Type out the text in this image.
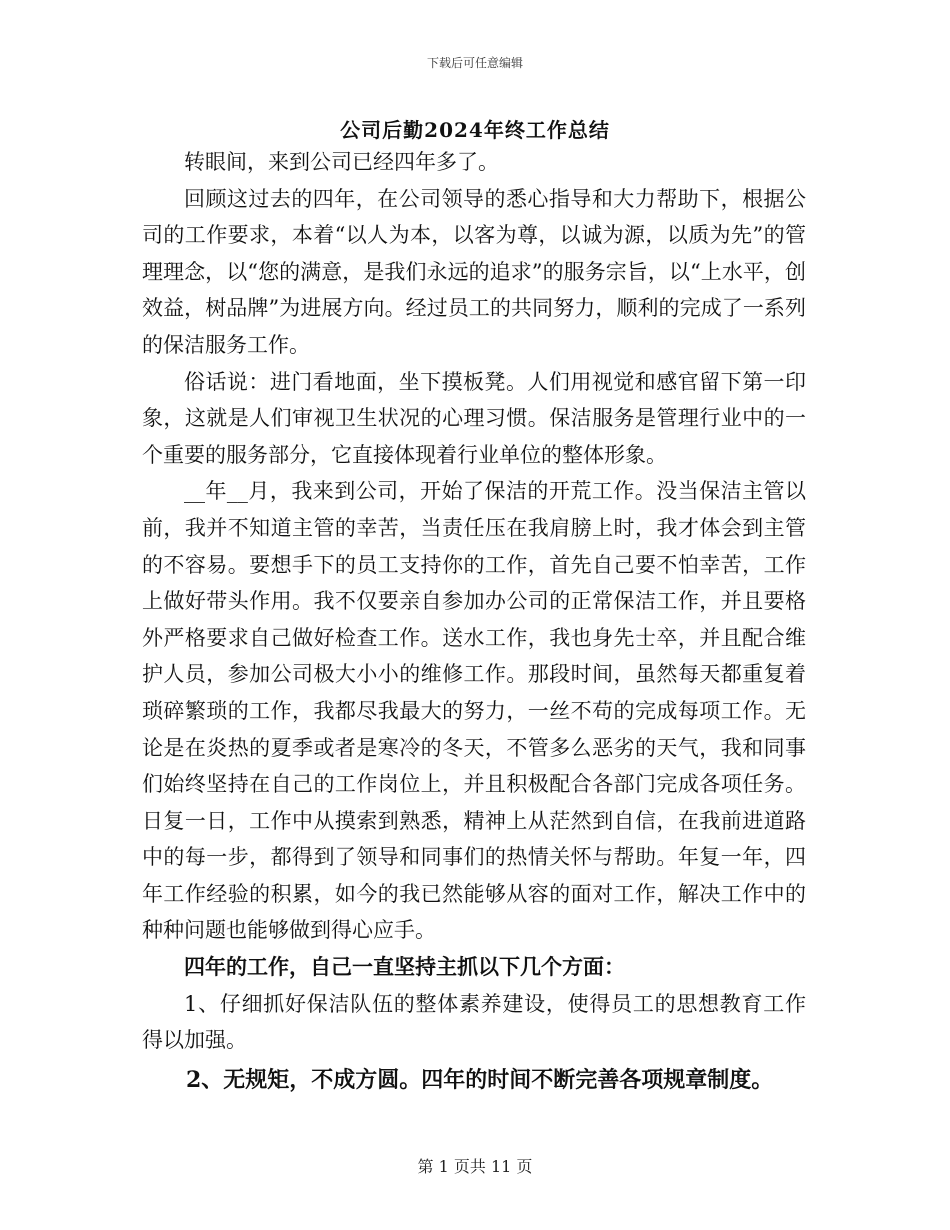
下载后可任意编辑
公司后勤2024年终工作总结

转眼间，来到公司已经四年多了。

回顾这过去的四年，在公司领导的悉心指导和大力帮助下，根据公司的工作要求，本着“以人为本，以客为尊，以诚为源，以质为先”的管理理念，以“您的满意，是我们永远的追求”的服务宗旨，以“上水平，创效益，树品牌”为进展方向。经过员工的共同努力，顺利的完成了一系列的保洁服务工作。

俗话说：进门看地面，坐下摸板凳。人们用视觉和感官留下第一印象，这就是人们审视卫生状况的心理习惯。保洁服务是管理行业中的一个重要的服务部分，它直接体现着行业单位的整体形象。

__年__月，我来到公司，开始了保洁的开荒工作。没当保洁主管以前，我并不知道主管的幸苦，当责任压在我肩膀上时，我才体会到主管的不容易。要想手下的员工支持你的工作，首先自己要不怕幸苦，工作上做好带头作用。我不仅要亲自参加办公司的正常保洁工作，并且要格外严格要求自己做好检查工作。送水工作，我也身先士卒，并且配合维护人员，参加公司极大小小的维修工作。那段时间，虽然每天都重复着琐碎繁琐的工作，我都尽我最大的努力，一丝不苟的完成每项工作。无论是在炎热的夏季或者是寒冷的冬天，不管多么恶劣的天气，我和同事们始终坚持在自己的工作岗位上，并且积极配合各部门完成各项任务。日复一日，工作中从摸索到熟悉，精神上从茫然到自信，在我前进道路中的每一步，都得到了领导和同事们的热情关怀与帮助。年复一年，四年工作经验的积累，如今的我已然能够从容的面对工作，解决工作中的种种问题也能够做到得心应手。

四年的工作，自己一直坚持主抓以下几个方面：

1、仔细抓好保洁队伍的整体素养建设，使得员工的思想教育工作得以加强。

2、无规矩，不成方圆。四年的时间不断完善各项规章制度。

第 1 页共 11 页
